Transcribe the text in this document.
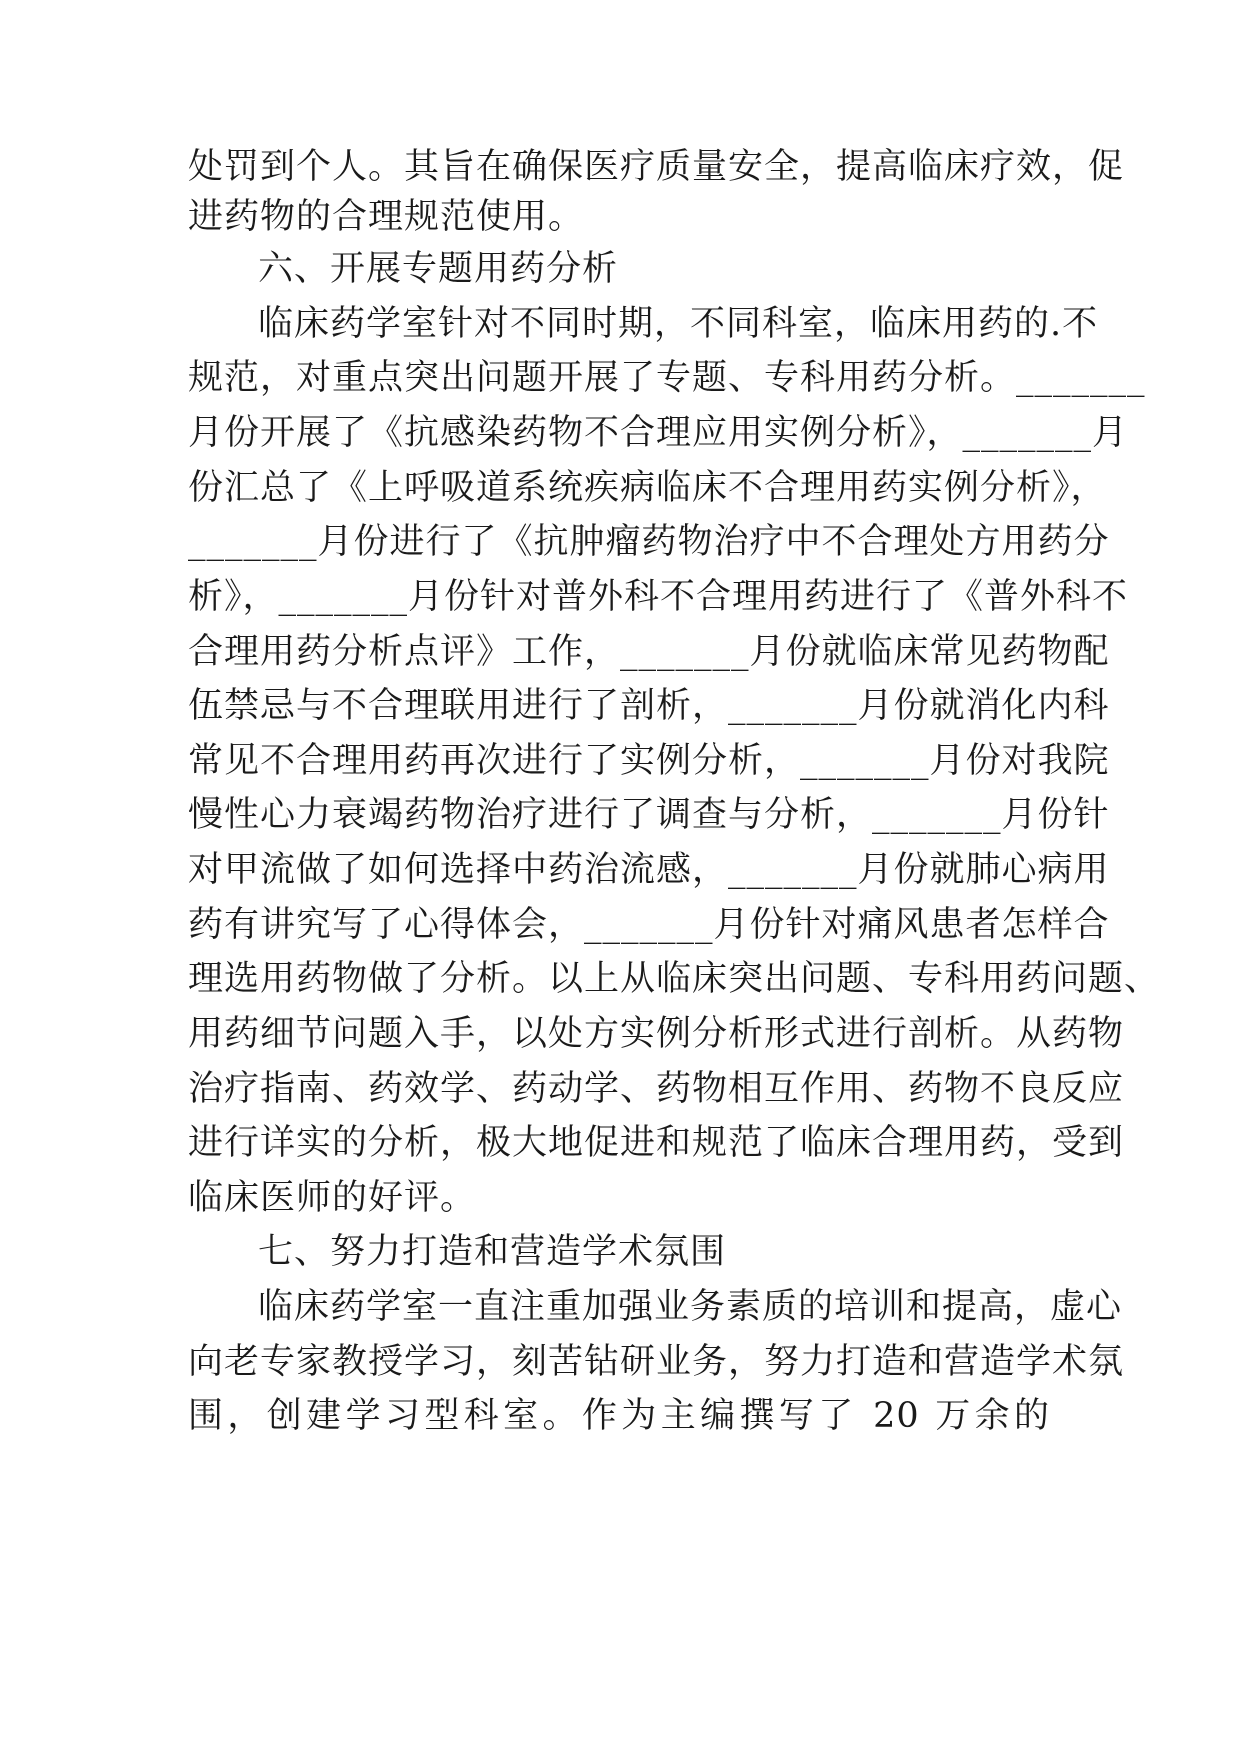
处罚到个人。其旨在确保医疗质量安全，提高临床疗效，促
进药物的合理规范使用。
六、开展专题用药分析
临床药学室针对不同时期，不同科室，临床用药的.不
规范，对重点突出问题开展了专题、专科用药分析。_______
月份开展了《抗感染药物不合理应用实例分析》，_______月
份汇总了《上呼吸道系统疾病临床不合理用药实例分析》，
_______月份进行了《抗肿瘤药物治疗中不合理处方用药分
析》，_______月份针对普外科不合理用药进行了《普外科不
合理用药分析点评》工作，_______月份就临床常见药物配
伍禁忌与不合理联用进行了剖析，_______月份就消化内科
常见不合理用药再次进行了实例分析，_______月份对我院
慢性心力衰竭药物治疗进行了调查与分析，_______月份针
对甲流做了如何选择中药治流感，_______月份就肺心病用
药有讲究写了心得体会，_______月份针对痛风患者怎样合
理选用药物做了分析。以上从临床突出问题、专科用药问题、
用药细节问题入手，以处方实例分析形式进行剖析。从药物
治疗指南、药效学、药动学、药物相互作用、药物不良反应
进行详实的分析，极大地促进和规范了临床合理用药，受到
临床医师的好评。
七、努力打造和营造学术氛围
临床药学室一直注重加强业务素质的培训和提高，虚心
向老专家教授学习，刻苦钻研业务，努力打造和营造学术氛
围，创建学习型科室。作为主编撰写了 20 万余的
